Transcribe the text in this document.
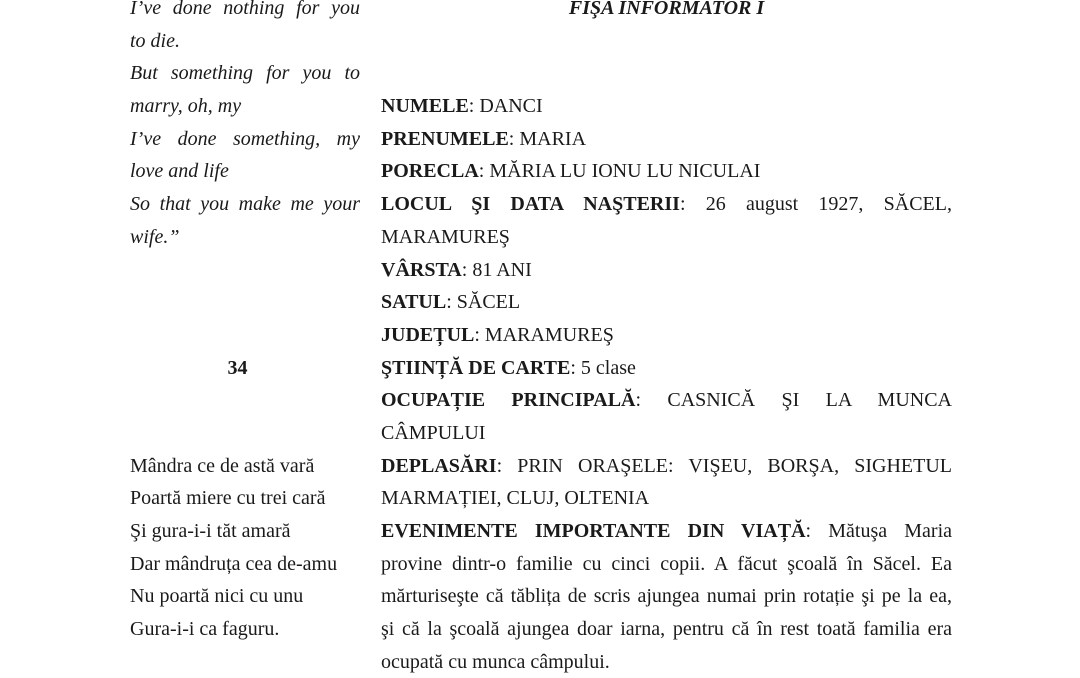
I’ve done nothing for you
to die.
But something for you to
marry, oh, my
I’ve done something, my
love and life
So that you make me your
wife.”
34
Mândra ce de astă vară
Poartă miere cu trei cară
Şi gura-i-i tăt amară
Dar mândruța cea de-amu
Nu poartă nici cu unu
Gura-i-i ca faguru.
FIŞA INFORMATOR I
NUMELE: DANCI
PRENUMELE: MARIA
PORECLA: MĂRIA LU IONU LU NICULAI
LOCUL ŞI DATA NAŞTERII: 26 august 1927, SĂCEL,
MARAMUREŞ
VÂRSTA: 81 ANI
SATUL: SĂCEL
JUDEȚUL: MARAMUREŞ
ŞTIINȚĂ DE CARTE: 5 clase
OCUPAȚIE PRINCIPALĂ: CASNICĂ ŞI LA MUNCA
CÂMPULUI
DEPLASĂRI: PRIN ORAŞELE: VIŞEU, BORŞA, SIGHETUL
MARMAȚIEI, CLUJ, OLTENIA
EVENIMENTE IMPORTANTE DIN VIAȚĂ: Mătuşa Maria
provine dintr-o familie cu cinci copii. A făcut şcoală în Săcel. Ea
mărturiseşte că tăblița de scris ajungea numai prin rotație şi pe la ea,
şi că la şcoală ajungea doar iarna, pentru că în rest toată familia era
ocupată cu munca câmpului.
